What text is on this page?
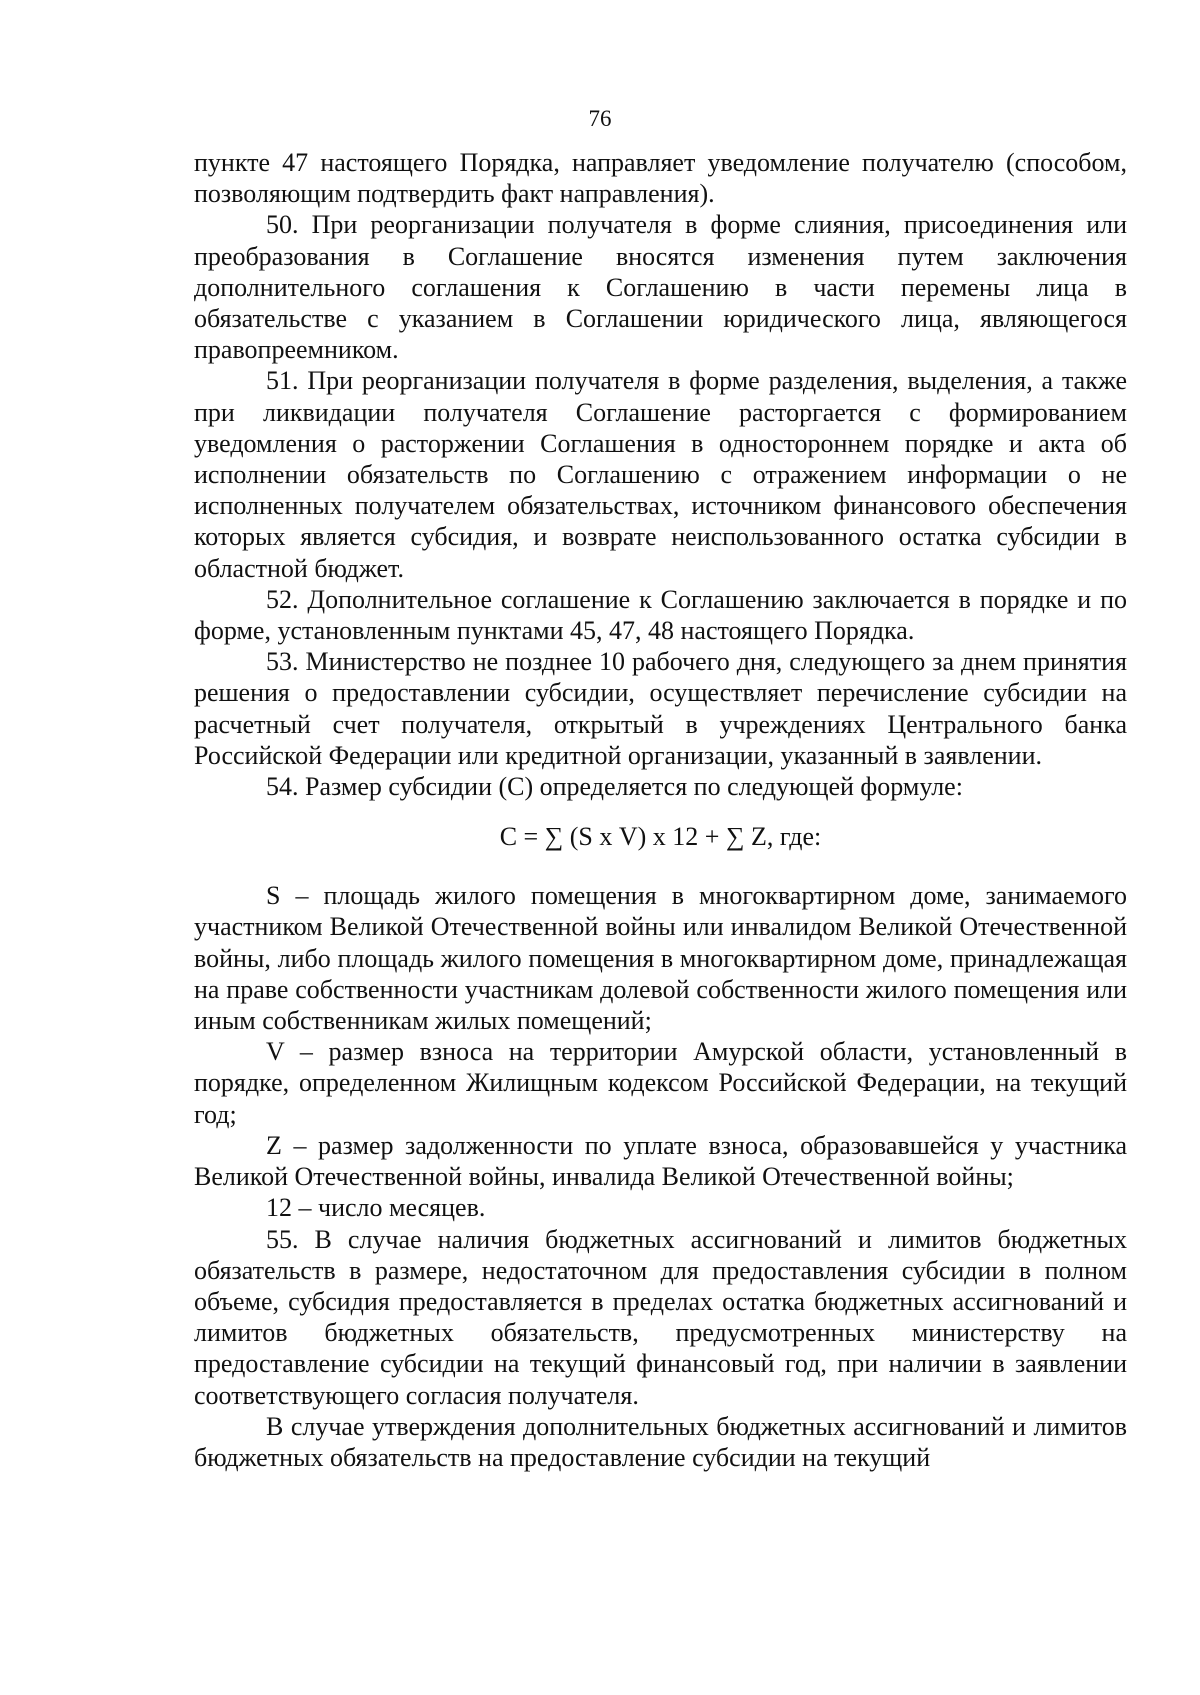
76

пункте 47 настоящего Порядка, направляет уведомление получателю (способом, позволяющим подтвердить факт направления).

50. При реорганизации получателя в форме слияния, присоединения или преобразования в Соглашение вносятся изменения путем заключения дополнительного соглашения к Соглашению в части перемены лица в обязательстве с указанием в Соглашении юридического лица, являющегося правопреемником.

51. При реорганизации получателя в форме разделения, выделения, а также при ликвидации получателя Соглашение расторгается с формированием уведомления о расторжении Соглашения в одностороннем порядке и акта об исполнении обязательств по Соглашению с отражением информации о не исполненных получателем обязательствах, источником финансового обеспечения которых является субсидия, и возврате неиспользованного остатка субсидии в областной бюджет.

52. Дополнительное соглашение к Соглашению заключается в порядке и по форме, установленным пунктами 45, 47, 48 настоящего Порядка.

53. Министерство не позднее 10 рабочего дня, следующего за днем принятия решения о предоставлении субсидии, осуществляет перечисление субсидии на расчетный счет получателя, открытый в учреждениях Центрального банка Российской Федерации или кредитной организации, указанный в заявлении.

54. Размер субсидии (С) определяется по следующей формуле:

С = ∑ (S х V) х 12 + ∑ Z, где:

S – площадь жилого помещения в многоквартирном доме, занимаемого участником Великой Отечественной войны или инвалидом Великой Отечественной войны, либо площадь жилого помещения в многоквартирном доме, принадлежащая на праве собственности участникам долевой собственности жилого помещения или иным собственникам жилых помещений;

V – размер взноса на территории Амурской области, установленный в порядке, определенном Жилищным кодексом Российской Федерации, на текущий год;

Z – размер задолженности по уплате взноса, образовавшейся у участника Великой Отечественной войны, инвалида Великой Отечественной войны;

12 – число месяцев.

55. В случае наличия бюджетных ассигнований и лимитов бюджетных обязательств в размере, недостаточном для предоставления субсидии в полном объеме, субсидия предоставляется в пределах остатка бюджетных ассигнований и лимитов бюджетных обязательств, предусмотренных министерству на предоставление субсидии на текущий финансовый год, при наличии в заявлении соответствующего согласия получателя.

В случае утверждения дополнительных бюджетных ассигнований и лимитов бюджетных обязательств на предоставление субсидии на текущий
